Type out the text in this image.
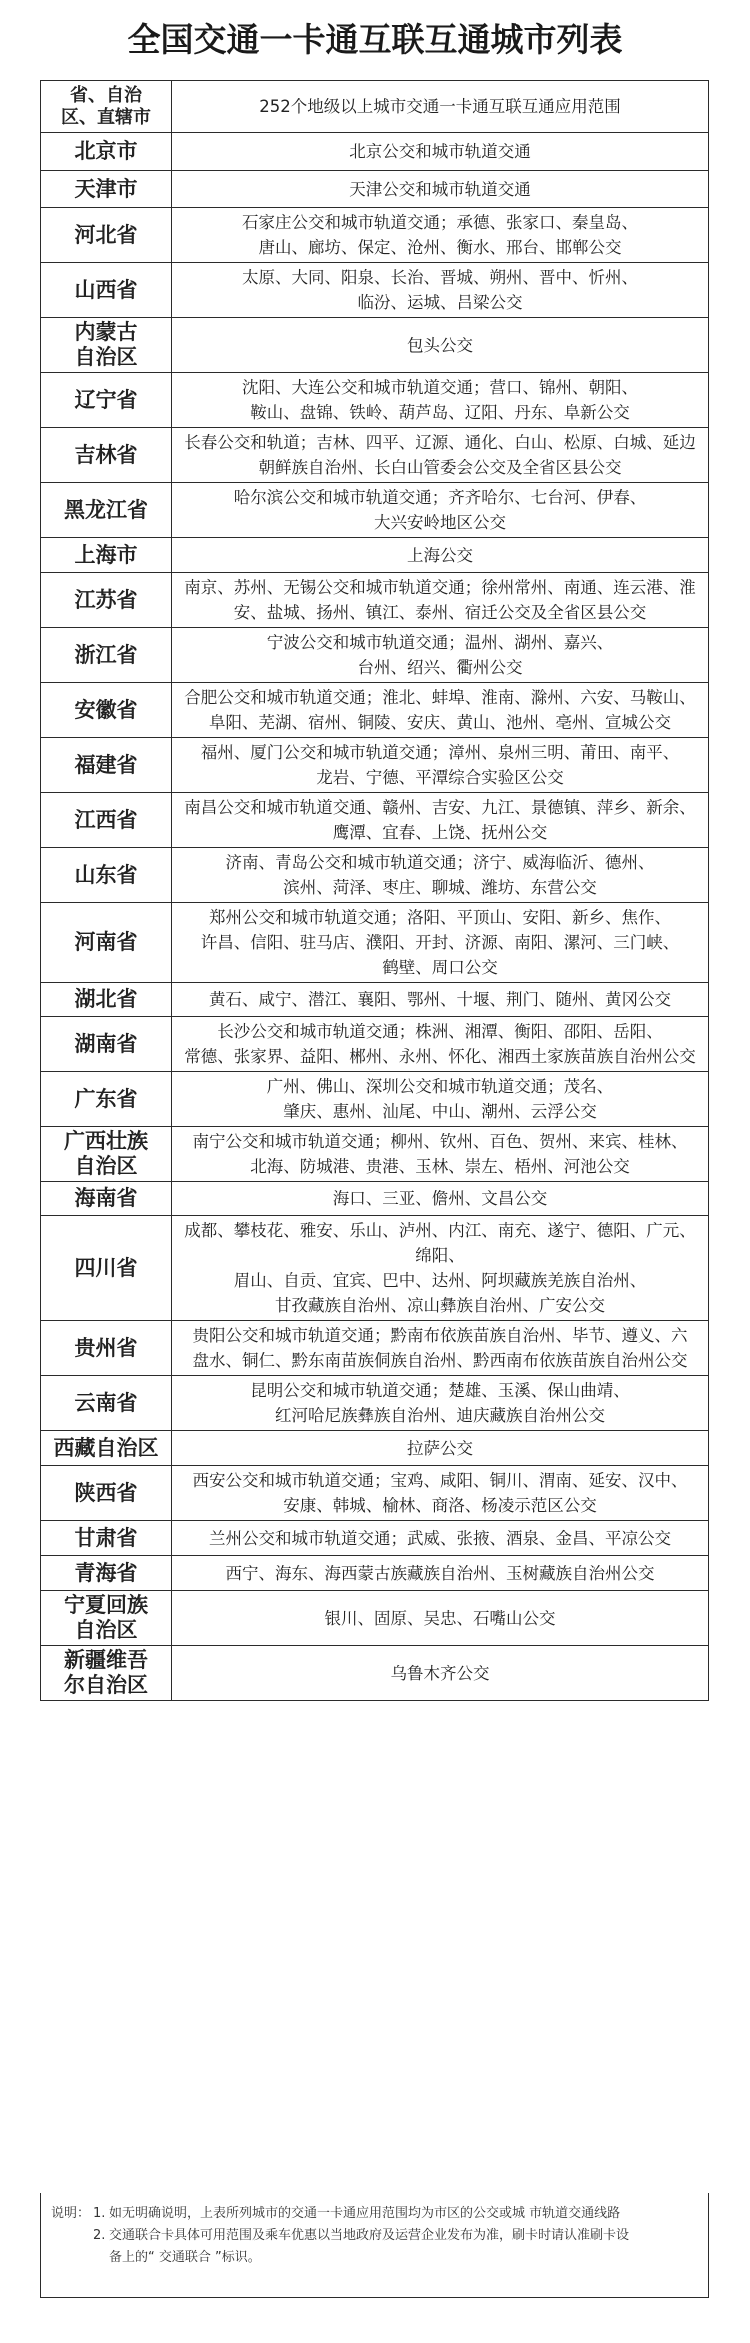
全国交通一卡通互联互通城市列表
省、自治
区、直辖市	252个地级以上城市交通一卡通互联互通应用范围

北京市	北京公交和城市轨道交通

天津市	天津公交和城市轨道交通

河北省	石家庄公交和城市轨道交通；承德、张家口、秦皇岛、
唐山、廊坊、保定、沧州、衡水、邢台、邯郸公交

山西省	太原、大同、阳泉、长治、晋城、朔州、晋中、忻州、
临汾、运城、吕梁公交

内蒙古
自治区	包头公交

辽宁省	沈阳、大连公交和城市轨道交通；营口、锦州、朝阳、
鞍山、盘锦、铁岭、葫芦岛、辽阳、丹东、阜新公交

吉林省	长春公交和轨道；吉林、四平、辽源、通化、白山、松原、白城、延边
朝鲜族自治州、长白山管委会公交及全省区县公交

黑龙江省	哈尔滨公交和城市轨道交通；齐齐哈尔、七台河、伊春、
大兴安岭地区公交

上海市	上海公交

江苏省	南京、苏州、无锡公交和城市轨道交通；徐州常州、南通、连云港、淮
安、盐城、扬州、镇江、泰州、宿迁公交及全省区县公交

浙江省	宁波公交和城市轨道交通；温州、湖州、嘉兴、
台州、绍兴、衢州公交

安徽省	合肥公交和城市轨道交通；淮北、蚌埠、淮南、滁州、六安、马鞍山、
阜阳、芜湖、宿州、铜陵、安庆、黄山、池州、亳州、宣城公交

福建省	福州、厦门公交和城市轨道交通；漳州、泉州三明、莆田、南平、
龙岩、宁德、平潭综合实验区公交

江西省	南昌公交和城市轨道交通、赣州、吉安、九江、景德镇、萍乡、新余、
鹰潭、宜春、上饶、抚州公交

山东省	济南、青岛公交和城市轨道交通；济宁、威海临沂、德州、
滨州、菏泽、枣庄、聊城、潍坊、东营公交

河南省	郑州公交和城市轨道交通；洛阳、平顶山、安阳、新乡、焦作、
许昌、信阳、驻马店、濮阳、开封、济源、南阳、漯河、三门峡、
鹤壁、周口公交

湖北省	黄石、咸宁、潜江、襄阳、鄂州、十堰、荆门、随州、黄冈公交

湖南省	长沙公交和城市轨道交通；株洲、湘潭、衡阳、邵阳、岳阳、
常德、张家界、益阳、郴州、永州、怀化、湘西土家族苗族自治州公交

广东省	广州、佛山、深圳公交和城市轨道交通；茂名、
肇庆、惠州、汕尾、中山、潮州、云浮公交

广西壮族
自治区	南宁公交和城市轨道交通；柳州、钦州、百色、贺州、来宾、桂林、
北海、防城港、贵港、玉林、崇左、梧州、河池公交

海南省	海口、三亚、儋州、文昌公交

四川省	成都、攀枝花、雅安、乐山、泸州、内江、南充、遂宁、德阳、广元、绵阳、
眉山、自贡、宜宾、巴中、达州、阿坝藏族羌族自治州、
甘孜藏族自治州、凉山彝族自治州、广安公交

贵州省	贵阳公交和城市轨道交通；黔南布依族苗族自治州、毕节、遵义、六
盘水、铜仁、黔东南苗族侗族自治州、黔西南布依族苗族自治州公交

云南省	昆明公交和城市轨道交通；楚雄、玉溪、保山曲靖、
红河哈尼族彝族自治州、迪庆藏族自治州公交

西藏自治区	拉萨公交

陕西省	西安公交和城市轨道交通；宝鸡、咸阳、铜川、渭南、延安、汉中、
安康、韩城、榆林、商洛、杨凌示范区公交

甘肃省	兰州公交和城市轨道交通；武威、张掖、酒泉、金昌、平凉公交

青海省	西宁、海东、海西蒙古族藏族自治州、玉树藏族自治州公交

宁夏回族
自治区	银川、固原、吴忠、石嘴山公交

新疆维吾
尔自治区	乌鲁木齐公交
说明： 1. 如无明确说明，上表所列城市的交通一卡通应用范围均为市区的公交或城 市轨道交通线路
2. 交通联合卡具体可用范围及乘车优惠以当地政府及运营企业发布为准，刷卡时请认准刷卡设
备上的“ 交通联合 ”标识。
